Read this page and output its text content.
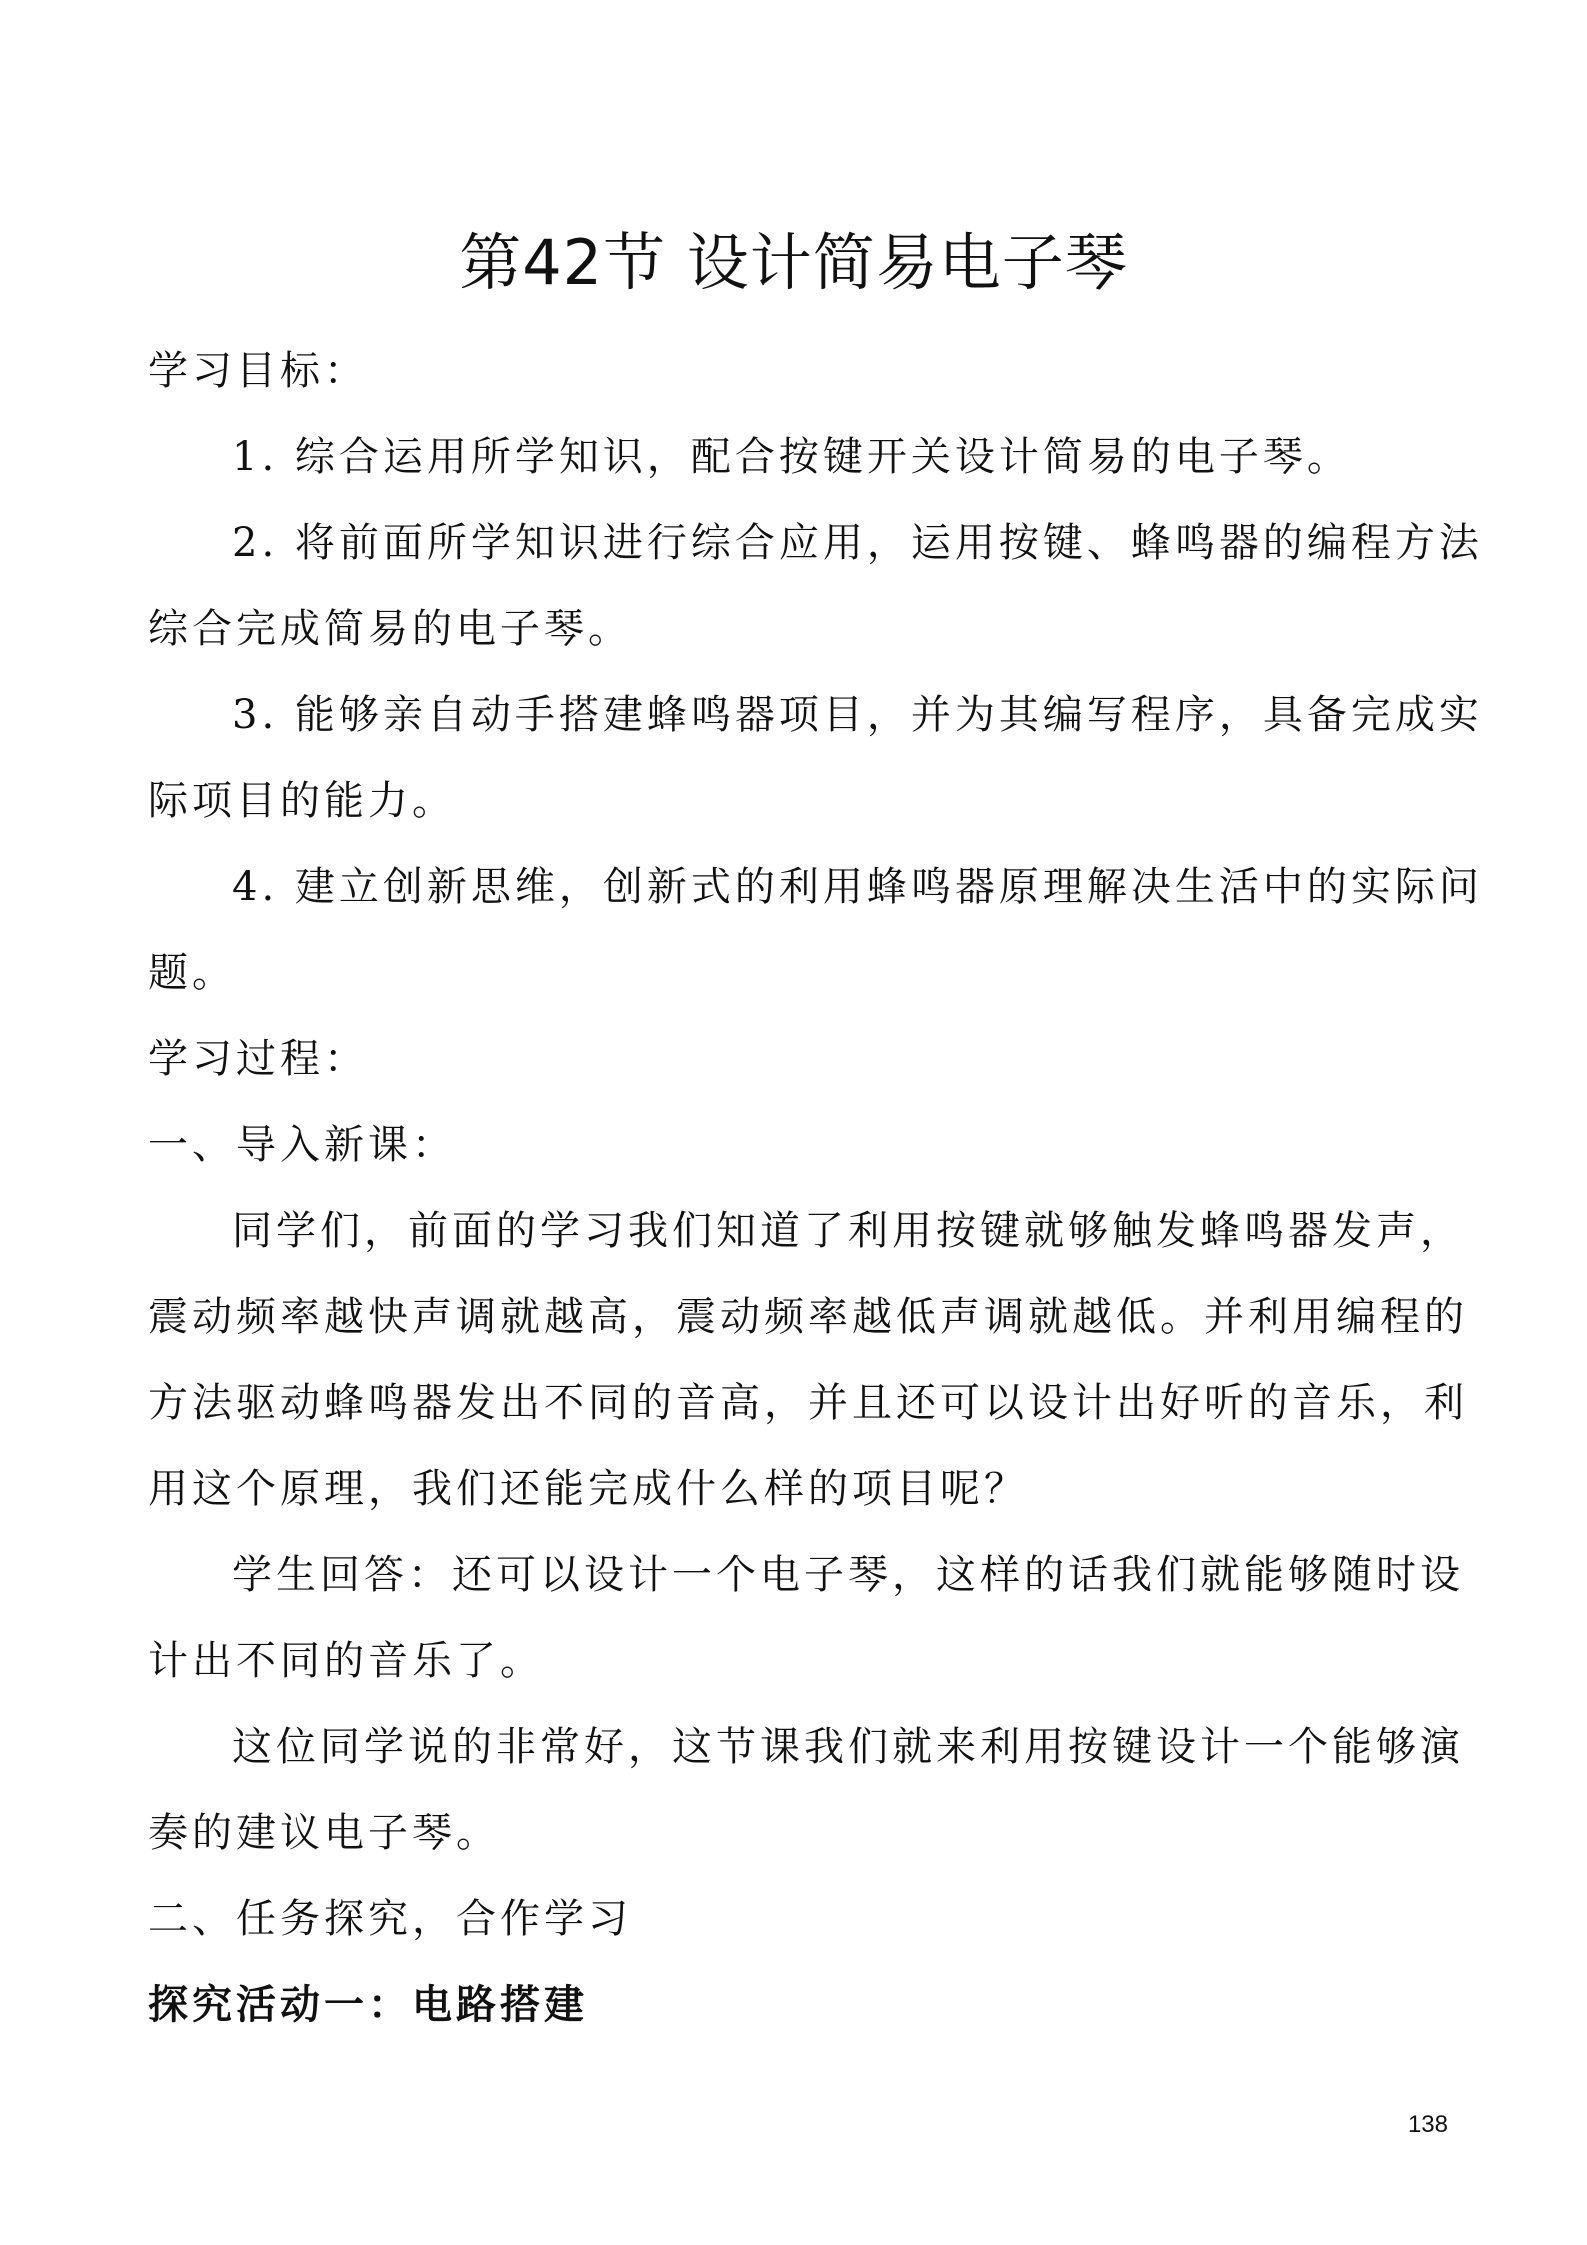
第42节 设计简易电子琴

学习目标：

1. 综合运用所学知识，配合按键开关设计简易的电子琴。

2. 将前面所学知识进行综合应用，运用按键、蜂鸣器的编程方法

综合完成简易的电子琴。

3. 能够亲自动手搭建蜂鸣器项目，并为其编写程序，具备完成实

际项目的能力。

4. 建立创新思维，创新式的利用蜂鸣器原理解决生活中的实际问

题。

学习过程：

一、导入新课：

同学们，前面的学习我们知道了利用按键就够触发蜂鸣器发声，

震动频率越快声调就越高，震动频率越低声调就越低。并利用编程的

方法驱动蜂鸣器发出不同的音高，并且还可以设计出好听的音乐，利

用这个原理，我们还能完成什么样的项目呢？

学生回答：还可以设计一个电子琴，这样的话我们就能够随时设

计出不同的音乐了。

这位同学说的非常好，这节课我们就来利用按键设计一个能够演

奏的建议电子琴。

二、任务探究，合作学习

探究活动一：电路搭建

138
